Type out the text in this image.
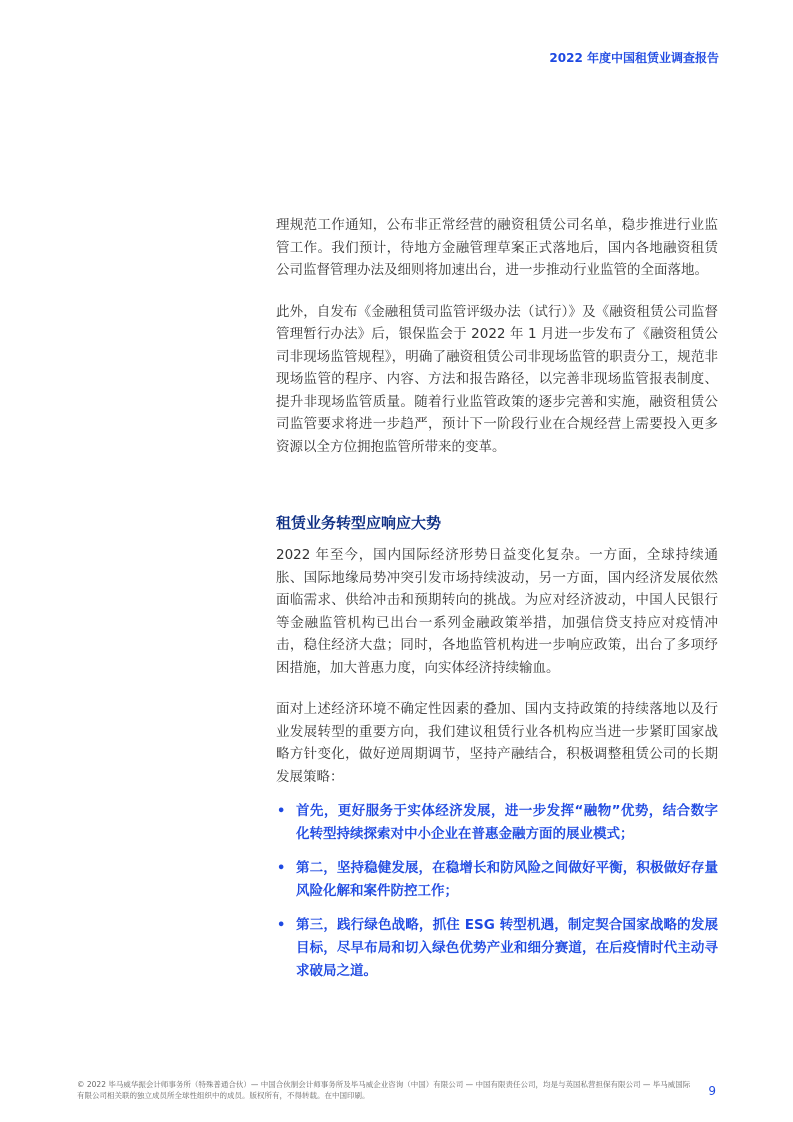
2022 年度中国租赁业调查报告

理规范工作通知，公布非正常经营的融资租赁公司名单，稳步推进行业监管工作。我们预计，待地方金融管理草案正式落地后，国内各地融资租赁公司监督管理办法及细则将加速出台，进一步推动行业监管的全面落地。

此外，自发布《金融租赁司监管评级办法（试行）》及《融资租赁公司监督管理暂行办法》后，银保监会于 2022 年 1 月进一步发布了《融资租赁公司非现场监管规程》，明确了融资租赁公司非现场监管的职责分工，规范非现场监管的程序、内容、方法和报告路径，以完善非现场监管报表制度、提升非现场监管质量。随着行业监管政策的逐步完善和实施，融资租赁公司监管要求将进一步趋严，预计下一阶段行业在合规经营上需要投入更多资源以全方位拥抱监管所带来的变革。

租赁业务转型应响应大势

2022 年至今，国内国际经济形势日益变化复杂。一方面，全球持续通胀、国际地缘局势冲突引发市场持续波动，另一方面，国内经济发展依然面临需求、供给冲击和预期转向的挑战。为应对经济波动，中国人民银行等金融监管机构已出台一系列金融政策举措，加强信贷支持应对疫情冲击，稳住经济大盘；同时，各地监管机构进一步响应政策，出台了多项纾困措施，加大普惠力度，向实体经济持续输血。

面对上述经济环境不确定性因素的叠加、国内支持政策的持续落地以及行业发展转型的重要方向，我们建议租赁行业各机构应当进一步紧盯国家战略方针变化，做好逆周期调节，坚持产融结合，积极调整租赁公司的长期发展策略：

• 首先，更好服务于实体经济发展，进一步发挥“融物”优势，结合数字化转型持续探索对中小企业在普惠金融方面的展业模式；
• 第二，坚持稳健发展，在稳增长和防风险之间做好平衡，积极做好存量风险化解和案件防控工作；
• 第三，践行绿色战略，抓住 ESG 转型机遇，制定契合国家战略的发展目标，尽早布局和切入绿色优势产业和细分赛道，在后疫情时代主动寻求破局之道。
© 2022 毕马威华振会计师事务所（特殊普通合伙）— 中国合伙制会计师事务所及毕马威企业咨询（中国）有限公司 — 中国有限责任公司，均是与英国私营担保有限公司 — 毕马威国际有限公司相关联的独立成员所全球性组织中的成员。版权所有，不得转载。在中国印刷。	9
